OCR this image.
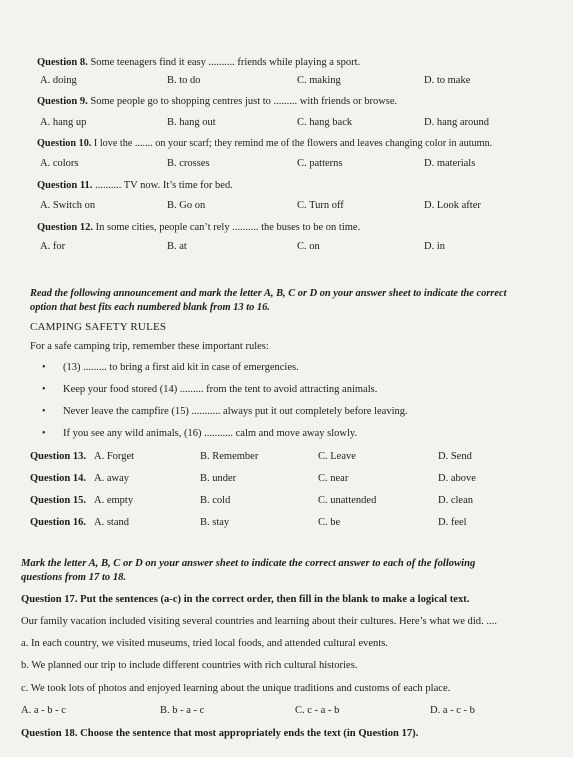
Question 8. Some teenagers find it easy .......... friends while playing a sport.
A. doing	B. to do	C. making	D. to make
Question 9. Some people go to shopping centres just to ......... with friends or browse.
A. hang up	B. hang out	C. hang back	D. hang around
Question 10. I love the ....... on your scarf; they remind me of the flowers and leaves changing color in autumn.
A. colors	B. crosses	C. patterns	D. materials
Question 11. .......... TV now. It’s time for bed.
A. Switch on	B. Go on	C. Turn off	D. Look after
Question 12. In some cities, people can’t rely .......... the buses to be on time.
A. for	B. at	C. on	D. in
Read the following announcement and mark the letter A, B, C or D on your answer sheet to indicate the correct
option that best fits each numbered blank from 13 to 16.
CAMPING SAFETY RULES
For a safe camping trip, remember these important rules:
• (13) ......... to bring a first aid kit in case of emergencies.
• Keep your food stored (14) ......... from the tent to avoid attracting animals.
• Never leave the campfire (15) ........... always put it out completely before leaving.
• If you see any wild animals, (16) ........... calm and move away slowly.
Question 13. A. Forget	B. Remember	C. Leave	D. Send
Question 14. A. away	B. under	C. near	D. above
Question 15. A. empty	B. cold	C. unattended	D. clean
Question 16. A. stand	B. stay	C. be	D. feel
Mark the letter A, B, C or D on your answer sheet to indicate the correct answer to each of the following
questions from 17 to 18.
Question 17. Put the sentences (a-c) in the correct order, then fill in the blank to make a logical text.
Our family vacation included visiting several countries and learning about their cultures. Here’s what we did. ....
a. In each country, we visited museums, tried local foods, and attended cultural events.
b. We planned our trip to include different countries with rich cultural histories.
c. We took lots of photos and enjoyed learning about the unique traditions and customs of each place.
A. a - b - c	B. b - a - c	C. c - a - b	D. a - c - b
Question 18. Choose the sentence that most appropriately ends the text (in Question 17).
